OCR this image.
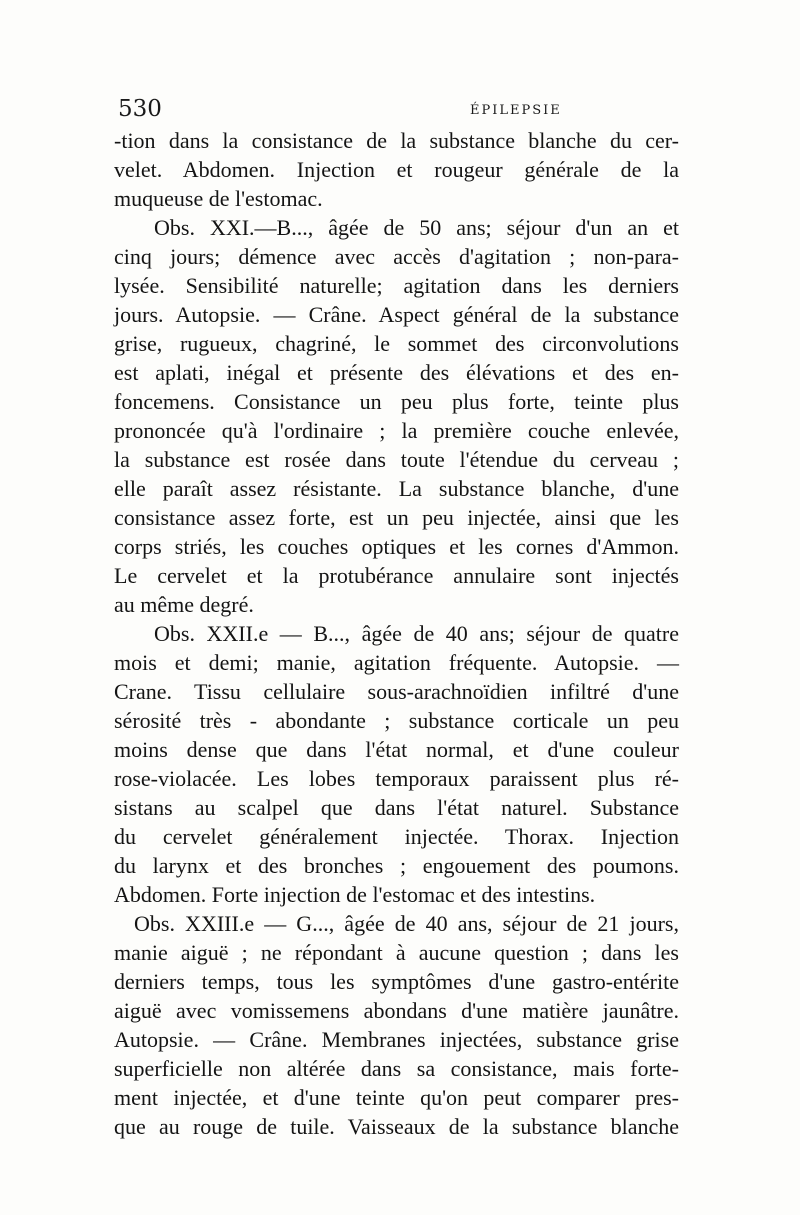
530	ÉPILEPSIE
-tion dans la consistance de la substance blanche du cer-
velet. Abdomen. Injection et rougeur générale de la
muqueuse de l'estomac.
Obs. XXI.—B..., âgée de 50 ans; séjour d'un an et
cinq jours; démence avec accès d'agitation ; non-para-
lysée. Sensibilité naturelle; agitation dans les derniers
jours. Autopsie. — Crâne. Aspect général de la substance
grise, rugueux, chagriné, le sommet des circonvolutions
est aplati, inégal et présente des élévations et des en-
foncemens. Consistance un peu plus forte, teinte plus
prononcée qu'à l'ordinaire ; la première couche enlevée,
la substance est rosée dans toute l'étendue du cerveau ;
elle paraît assez résistante. La substance blanche, d'une
consistance assez forte, est un peu injectée, ainsi que les
corps striés, les couches optiques et les cornes d'Ammon.
Le cervelet et la protubérance annulaire sont injectés
au même degré.
Obs. XXII.e — B..., âgée de 40 ans; séjour de quatre
mois et demi; manie, agitation fréquente. Autopsie. —
Crane. Tissu cellulaire sous-arachnoïdien infiltré d'une
sérosité très - abondante ; substance corticale un peu
moins dense que dans l'état normal, et d'une couleur
rose-violacée. Les lobes temporaux paraissent plus ré-
sistans au scalpel que dans l'état naturel. Substance
du cervelet généralement injectée. Thorax. Injection
du larynx et des bronches ; engouement des poumons.
Abdomen. Forte injection de l'estomac et des intestins.
Obs. XXIII.e — G..., âgée de 40 ans, séjour de 21 jours,
manie aiguë ; ne répondant à aucune question ; dans les
derniers temps, tous les symptômes d'une gastro-entérite
aiguë avec vomissemens abondans d'une matière jaunâtre.
Autopsie. — Crâne. Membranes injectées, substance grise
superficielle non altérée dans sa consistance, mais forte-
ment injectée, et d'une teinte qu'on peut comparer pres-
que au rouge de tuile. Vaisseaux de la substance blanche
